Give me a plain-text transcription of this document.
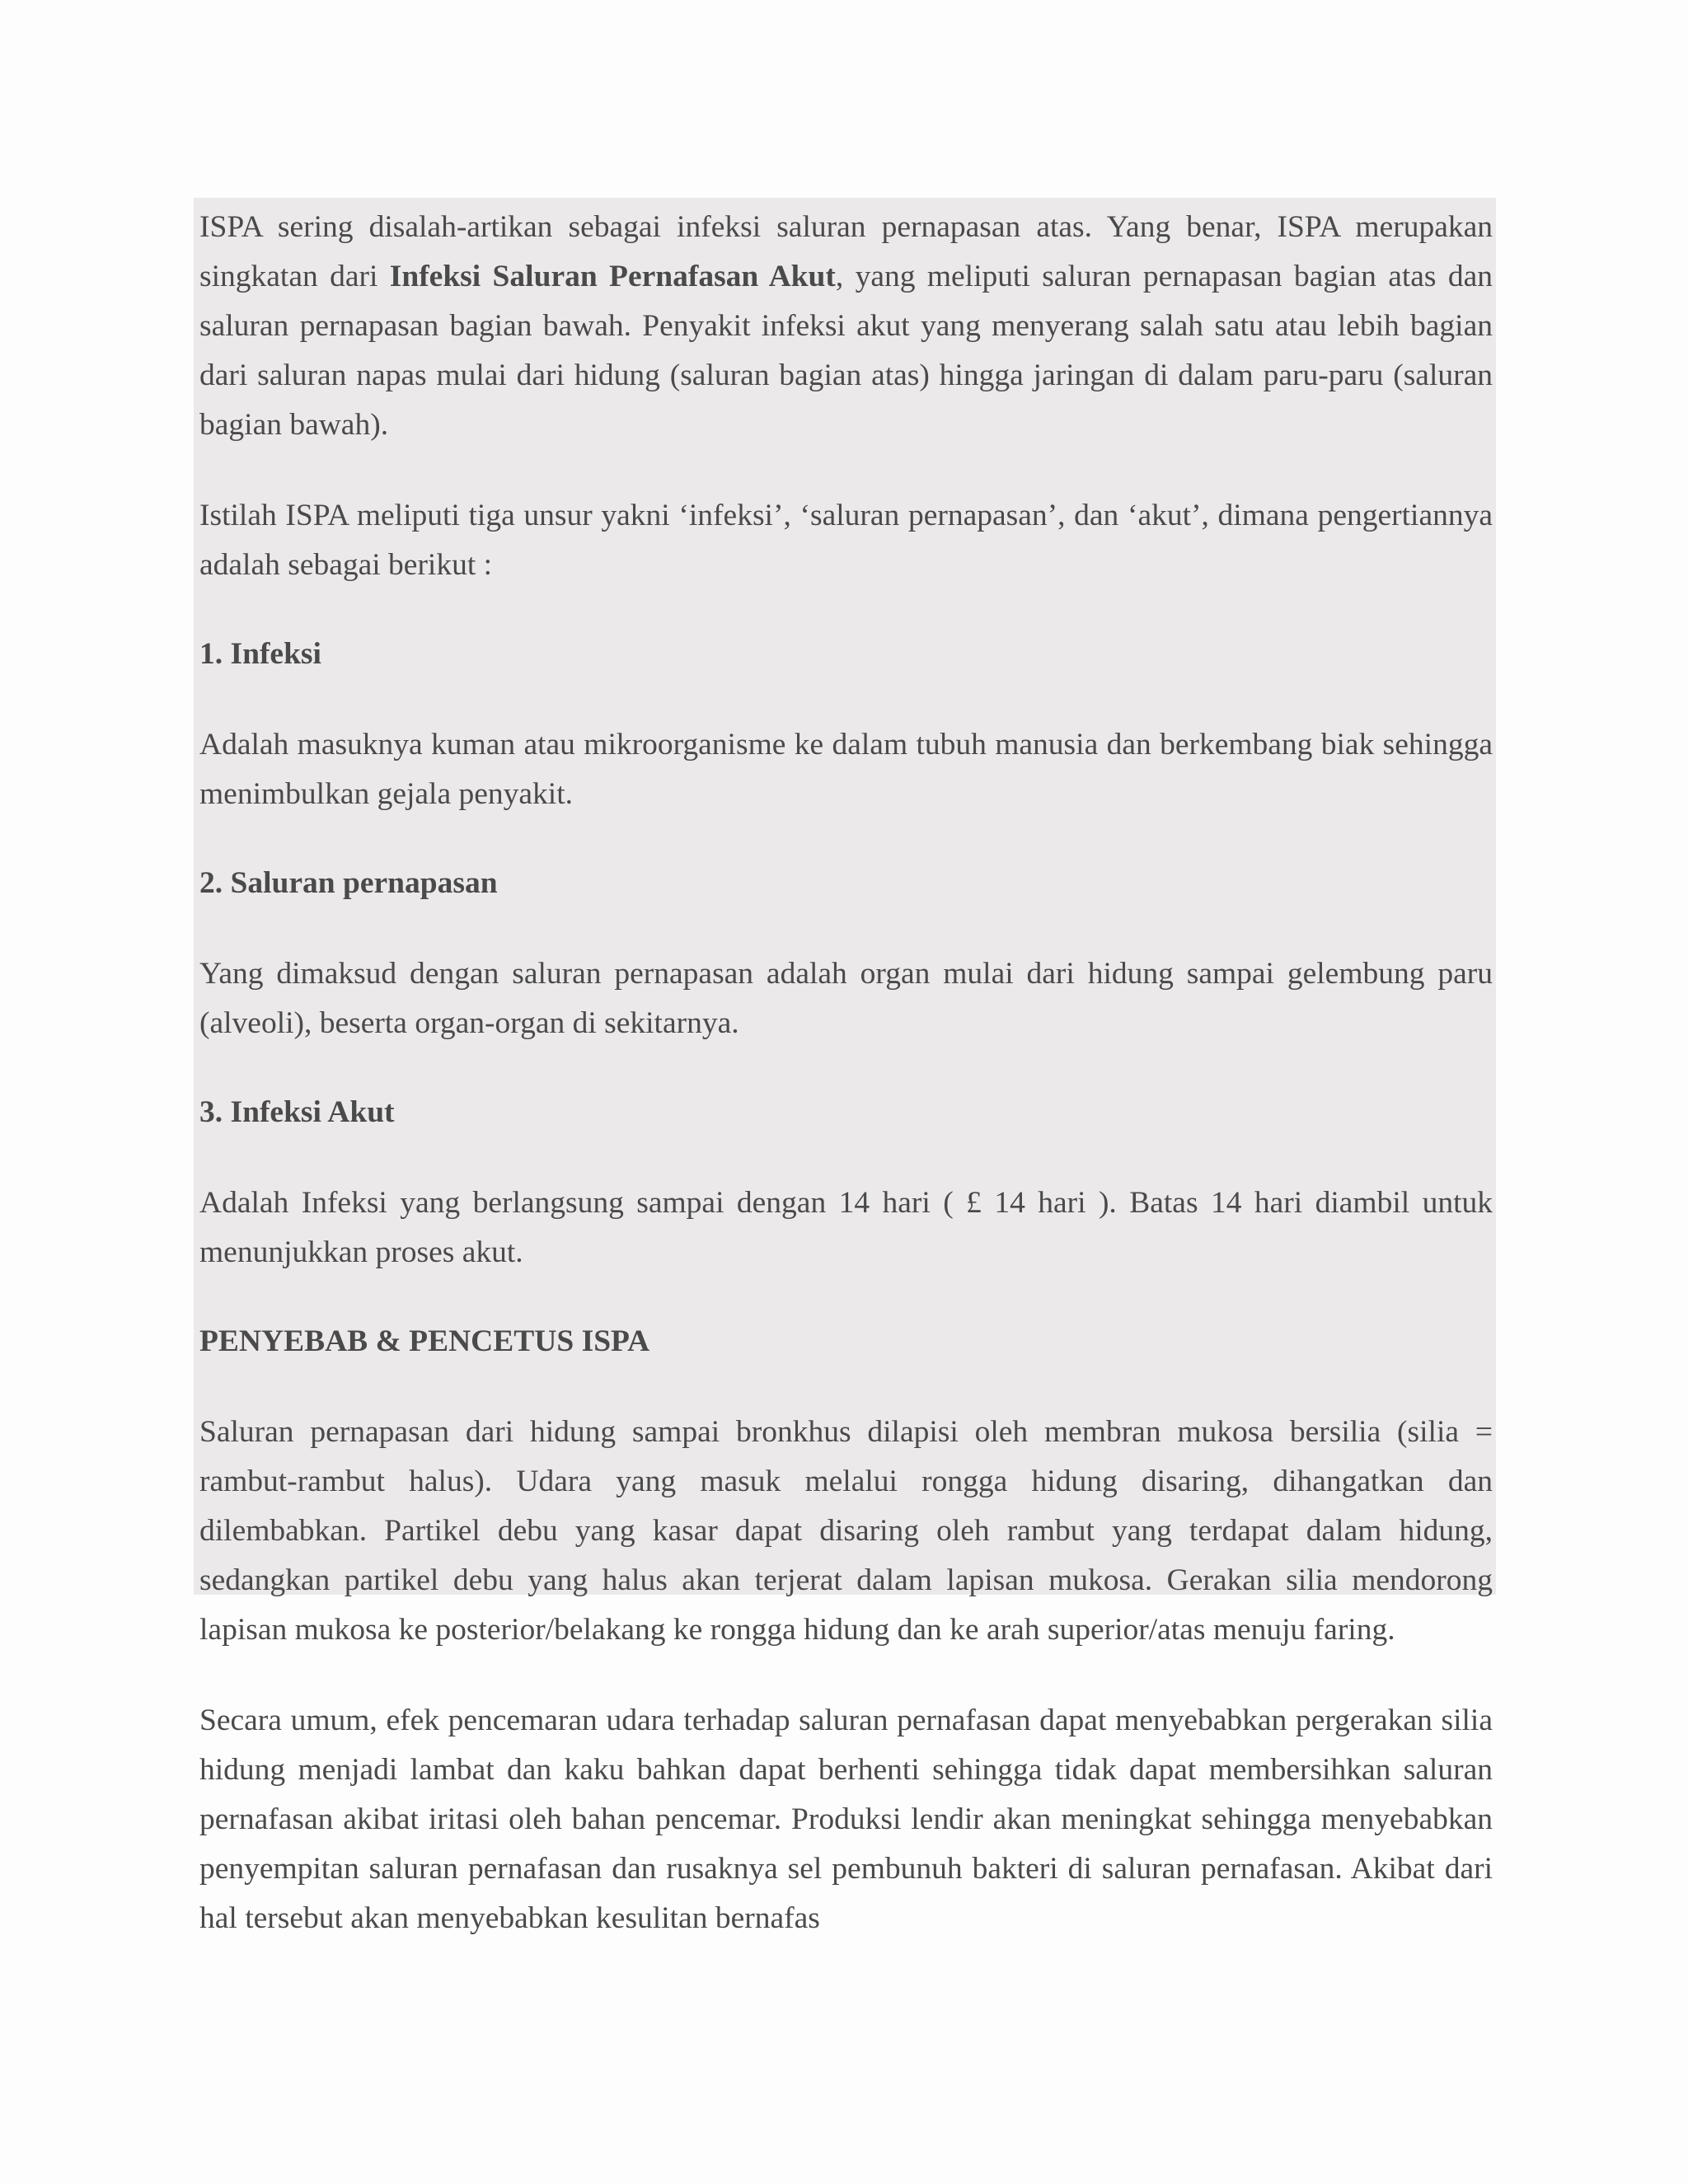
ISPA sering disalah-artikan sebagai infeksi saluran pernapasan atas. Yang benar, ISPA merupakan singkatan dari Infeksi Saluran Pernafasan Akut, yang meliputi saluran pernapasan bagian atas dan saluran pernapasan bagian bawah. Penyakit infeksi akut yang menyerang salah satu atau lebih bagian dari saluran napas mulai dari hidung (saluran bagian atas) hingga jaringan di dalam paru-paru (saluran bagian bawah).

Istilah ISPA meliputi tiga unsur yakni ‘infeksi’, ‘saluran pernapasan’, dan ‘akut’, dimana pengertiannya adalah sebagai berikut :

1. Infeksi

Adalah masuknya kuman atau mikroorganisme ke dalam tubuh manusia dan berkembang biak sehingga menimbulkan gejala penyakit.

2. Saluran pernapasan

Yang dimaksud dengan saluran pernapasan adalah organ mulai dari hidung sampai gelembung paru (alveoli), beserta organ-organ di sekitarnya.

3. Infeksi Akut

Adalah Infeksi yang berlangsung sampai dengan 14 hari ( £ 14 hari ). Batas 14 hari diambil untuk menunjukkan proses akut.

PENYEBAB & PENCETUS ISPA

Saluran pernapasan dari hidung sampai bronkhus dilapisi oleh membran mukosa bersilia (silia = rambut-rambut halus). Udara yang masuk melalui rongga hidung disaring, dihangatkan dan dilembabkan. Partikel debu yang kasar dapat disaring oleh rambut yang terdapat dalam hidung, sedangkan partikel debu yang halus akan terjerat dalam lapisan mukosa. Gerakan silia mendorong lapisan mukosa ke posterior/belakang ke rongga hidung dan ke arah superior/atas menuju faring.

Secara umum, efek pencemaran udara terhadap saluran pernafasan dapat menyebabkan pergerakan silia hidung menjadi lambat dan kaku bahkan dapat berhenti sehingga tidak dapat membersihkan saluran pernafasan akibat iritasi oleh bahan pencemar. Produksi lendir akan meningkat sehingga menyebabkan penyempitan saluran pernafasan dan rusaknya sel pembunuh bakteri di saluran pernafasan. Akibat dari hal tersebut akan menyebabkan kesulitan bernafas
